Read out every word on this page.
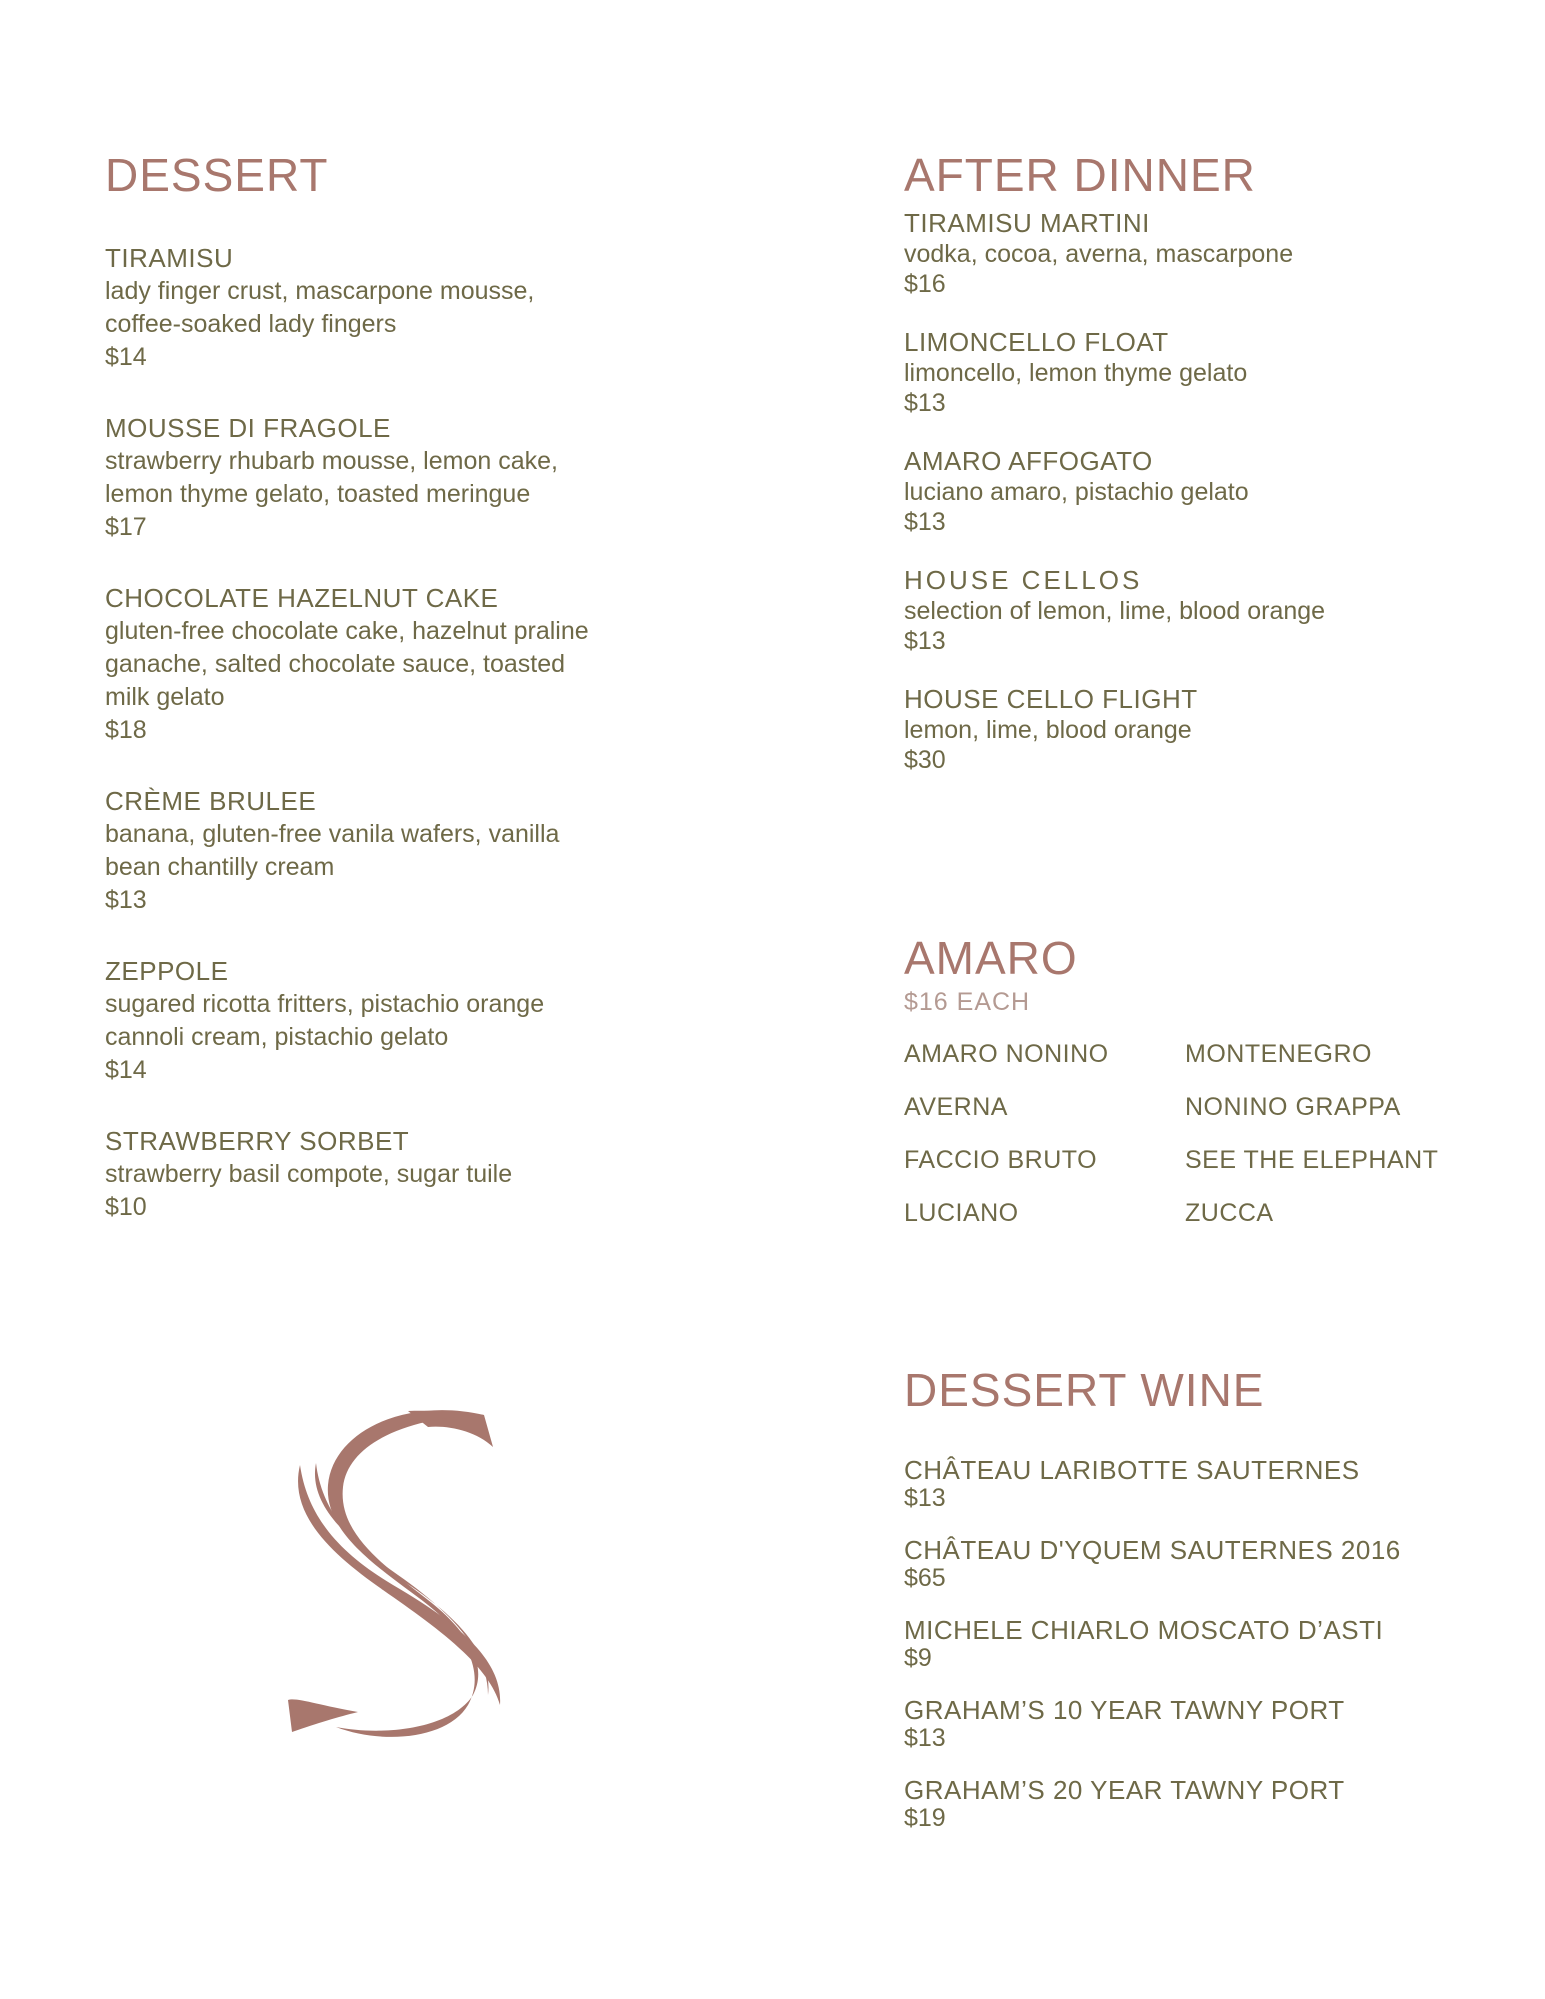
DESSERT

TIRAMISU

lady finger crust, mascarpone mousse,

coffee-soaked lady fingers

$14

MOUSSE DI FRAGOLE

strawberry rhubarb mousse, lemon cake,

lemon thyme gelato, toasted meringue

$17

CHOCOLATE HAZELNUT CAKE

gluten-free chocolate cake, hazelnut praline

ganache, salted chocolate sauce, toasted

milk gelato

$18

CRÈME BRULEE

banana, gluten-free vanila wafers, vanilla

bean chantilly cream

$13

ZEPPOLE

sugared ricotta fritters, pistachio orange

cannoli cream, pistachio gelato

$14

STRAWBERRY SORBET

strawberry basil compote, sugar tuile

$10

AFTER DINNER

TIRAMISU MARTINI

vodka, cocoa, averna, mascarpone

$16

LIMONCELLO FLOAT

limoncello, lemon thyme gelato

$13

AMARO AFFOGATO

luciano amaro, pistachio gelato

$13

HOUSE CELLOS

selection of lemon, lime, blood orange

$13

HOUSE CELLO FLIGHT

lemon, lime, blood orange

$30

AMARO

$16 EACH

AMARO NONINO	MONTENEGRO
AVERNA	NONINO GRAPPA
FACCIO BRUTO	SEE THE ELEPHANT
LUCIANO	ZUCCA
DESSERT WINE

CHÂTEAU LARIBOTTE SAUTERNES

$13

CHÂTEAU D'YQUEM SAUTERNES 2016

$65

MICHELE CHIARLO MOSCATO D’ASTI

$9

GRAHAM’S 10 YEAR TAWNY PORT

$13

GRAHAM’S 20 YEAR TAWNY PORT

$19
